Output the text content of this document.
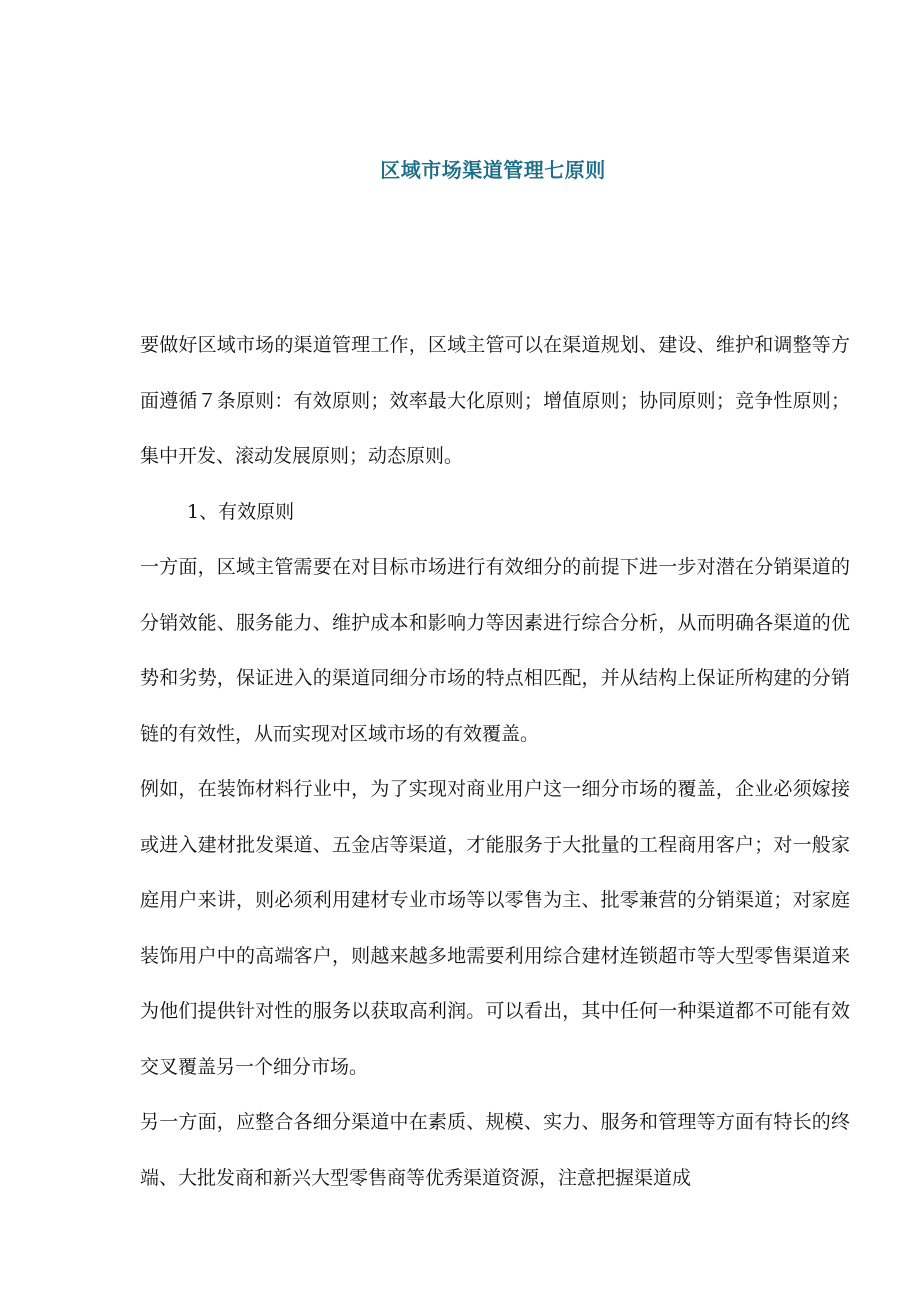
区域市场渠道管理七原则

要做好区域市场的渠道管理工作，区域主管可以在渠道规划、建设、维护和调整等方面遵循７条原则：有效原则；效率最大化原则；增值原则；协同原则；竞争性原则；集中开发、滚动发展原则；动态原则。

1、有效原则

一方面，区域主管需要在对目标市场进行有效细分的前提下进一步对潜在分销渠道的分销效能、服务能力、维护成本和影响力等因素进行综合分析，从而明确各渠道的优势和劣势，保证进入的渠道同细分市场的特点相匹配，并从结构上保证所构建的分销链的有效性，从而实现对区域市场的有效覆盖。

例如，在装饰材料行业中，为了实现对商业用户这一细分市场的覆盖，企业必须嫁接或进入建材批发渠道、五金店等渠道，才能服务于大批量的工程商用客户；对一般家庭用户来讲，则必须利用建材专业市场等以零售为主、批零兼营的分销渠道；对家庭装饰用户中的高端客户，则越来越多地需要利用综合建材连锁超市等大型零售渠道来为他们提供针对性的服务以获取高利润。可以看出，其中任何一种渠道都不可能有效交叉覆盖另一个细分市场。

另一方面，应整合各细分渠道中在素质、规模、实力、服务和管理等方面有特长的终端、大批发商和新兴大型零售商等优秀渠道资源，注意把握渠道成
